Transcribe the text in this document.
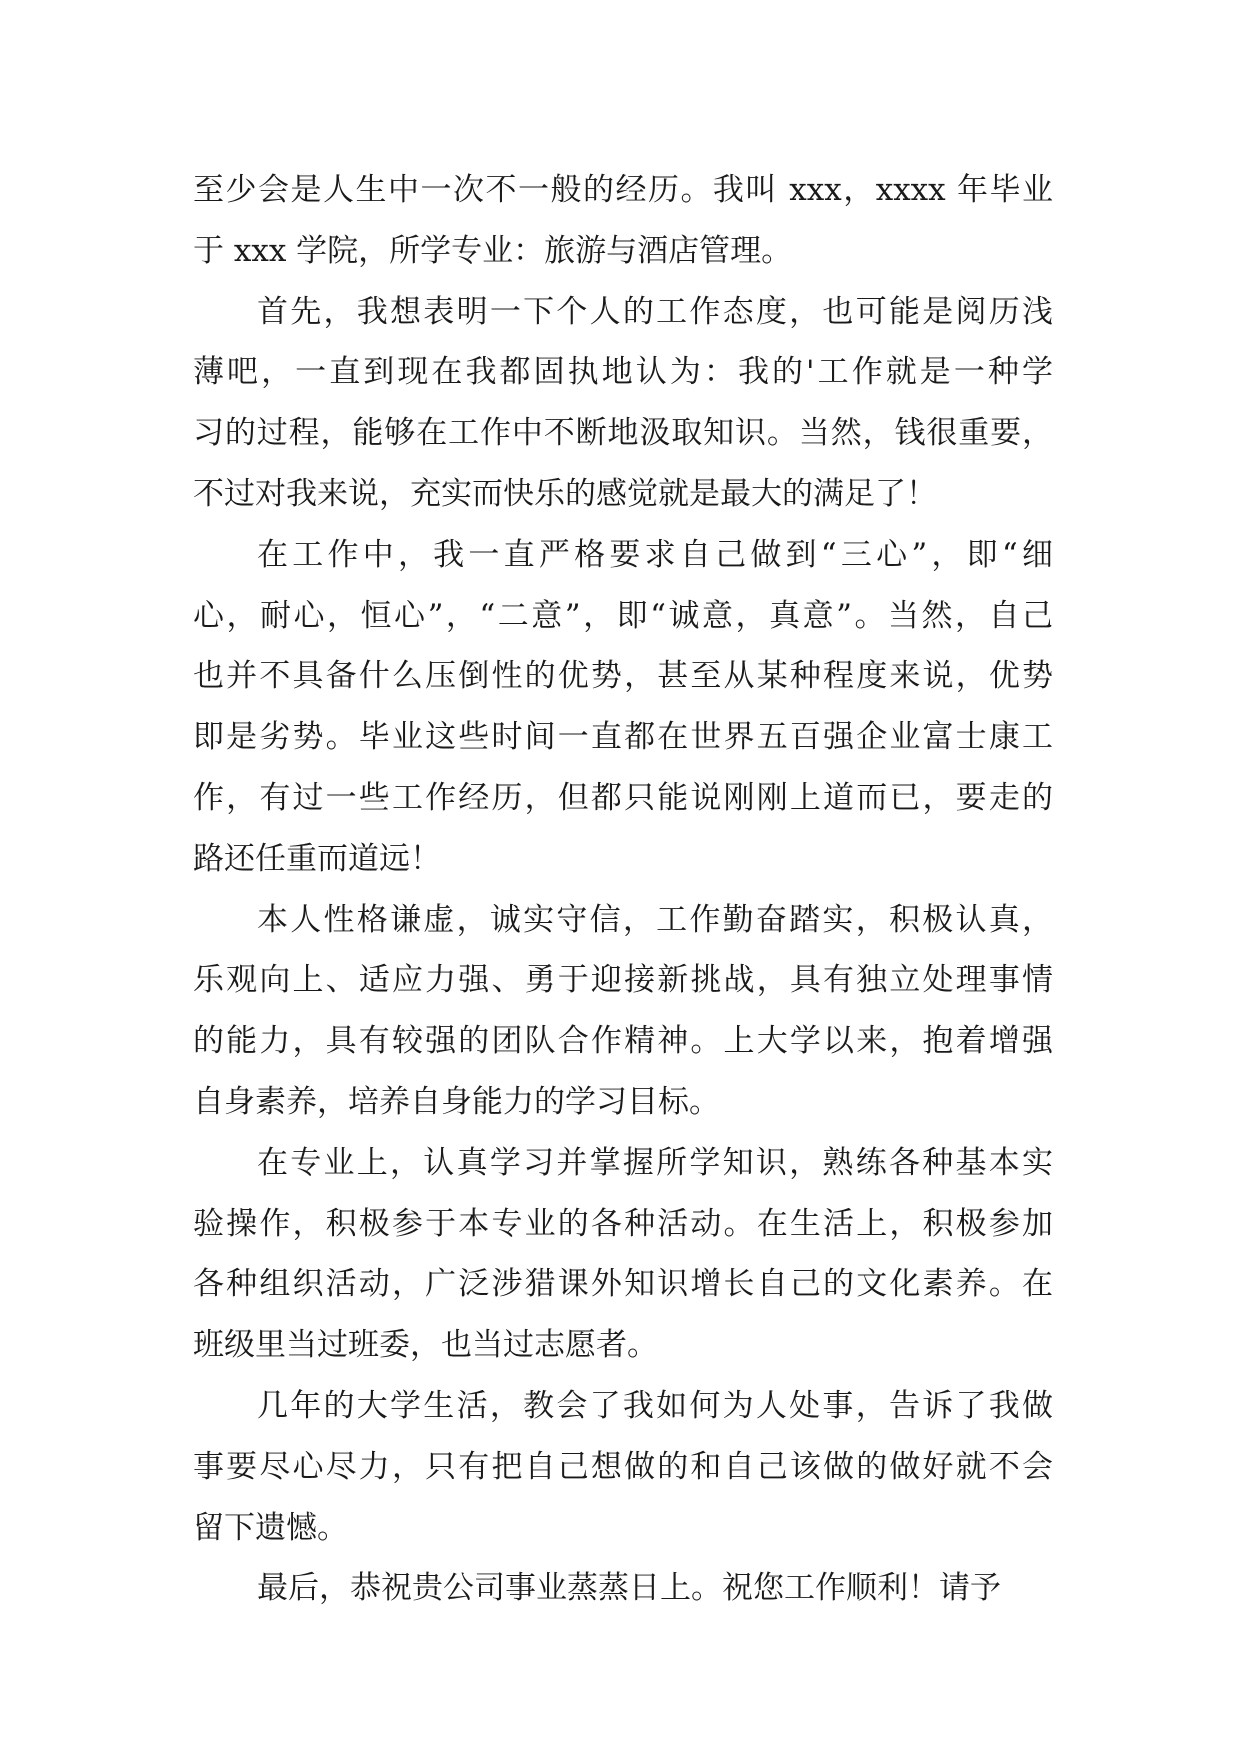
至少会是人生中一次不一般的经历。我叫 xxx，xxxx 年毕业
于 xxx 学院，所学专业：旅游与酒店管理。
首先，我想表明一下个人的工作态度，也可能是阅历浅
薄吧，一直到现在我都固执地认为：我的'工作就是一种学
习的过程，能够在工作中不断地汲取知识。当然，钱很重要，
不过对我来说，充实而快乐的感觉就是最大的满足了！
在工作中，我一直严格要求自己做到“三心”，即“细
心，耐心，恒心”，“二意”，即“诚意，真意”。当然，自己
也并不具备什么压倒性的优势，甚至从某种程度来说，优势
即是劣势。毕业这些时间一直都在世界五百强企业富士康工
作，有过一些工作经历，但都只能说刚刚上道而已，要走的
路还任重而道远！
本人性格谦虚，诚实守信，工作勤奋踏实，积极认真，
乐观向上、适应力强、勇于迎接新挑战，具有独立处理事情
的能力，具有较强的团队合作精神。上大学以来，抱着增强
自身素养，培养自身能力的学习目标。
在专业上，认真学习并掌握所学知识，熟练各种基本实
验操作，积极参于本专业的各种活动。在生活上，积极参加
各种组织活动，广泛涉猎课外知识增长自己的文化素养。在
班级里当过班委，也当过志愿者。
几年的大学生活，教会了我如何为人处事，告诉了我做
事要尽心尽力，只有把自己想做的和自己该做的做好就不会
留下遗憾。
最后，恭祝贵公司事业蒸蒸日上。祝您工作顺利！请予
